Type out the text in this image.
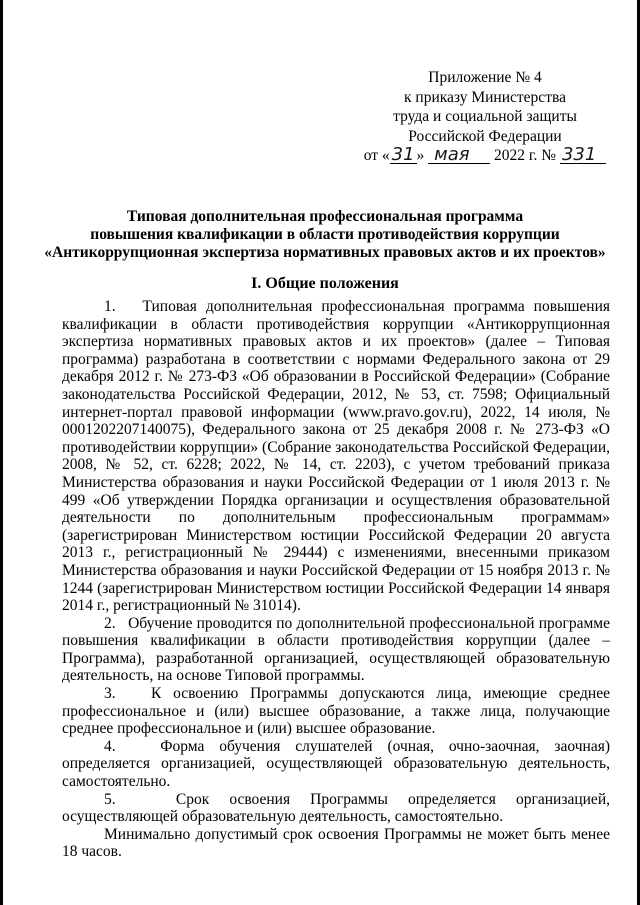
Приложение № 4
к приказу Министерства
труда и социальной защиты
Российской Федерации
от « 31 » мая 2022 г. № 331
Типовая дополнительная профессиональная программа
повышения квалификации в области противодействия коррупции
«Антикоррупционная экспертиза нормативных правовых актов и их проектов»
I. Общие положения

1.   Типовая дополнительная профессиональная программа повышения квалификации в области противодействия коррупции «Антикоррупционная экспертиза нормативных правовых актов и их проектов» (далее – Типовая программа) разработана в соответствии с нормами Федерального закона от 29 декабря 2012 г. № 273-ФЗ «Об образовании в Российской Федерации» (Собрание законодательства Российской Федерации, 2012, № 53, ст. 7598; Официальный интернет-портал правовой информации (www.pravo.gov.ru), 2022, 14 июля, № 0001202207140075), Федерального закона от 25 декабря 2008 г. № 273-ФЗ «О противодействии коррупции» (Собрание законодательства Российской Федерации, 2008, № 52, ст. 6228; 2022, № 14, ст. 2203), с учетом требований приказа Министерства образования и науки Российской Федерации от 1 июля 2013 г. № 499 «Об утверждении Порядка организации и осуществления образовательной деятельности по дополнительным профессиональным программам» (зарегистрирован Министерством юстиции Российской Федерации 20 августа 2013 г., регистрационный № 29444) с изменениями, внесенными приказом Министерства образования и науки Российской Федерации от 15 ноября 2013 г. № 1244 (зарегистрирован Министерством юстиции Российской Федерации 14 января 2014 г., регистрационный № 31014).

2.   Обучение проводится по дополнительной профессиональной программе повышения квалификации в области противодействия коррупции (далее – Программа), разработанной организацией, осуществляющей образовательную деятельность, на основе Типовой программы.

3.   К освоению Программы допускаются лица, имеющие среднее профессиональное и (или) высшее образование, а также лица, получающие среднее профессиональное и (или) высшее образование.

4.   Форма обучения слушателей (очная, очно-заочная, заочная) определяется организацией, осуществляющей образовательную деятельность, самостоятельно.

5.   Срок освоения Программы определяется организацией, осуществляющей образовательную деятельность, самостоятельно.

Минимально допустимый срок освоения Программы не может быть менее 18 часов.
